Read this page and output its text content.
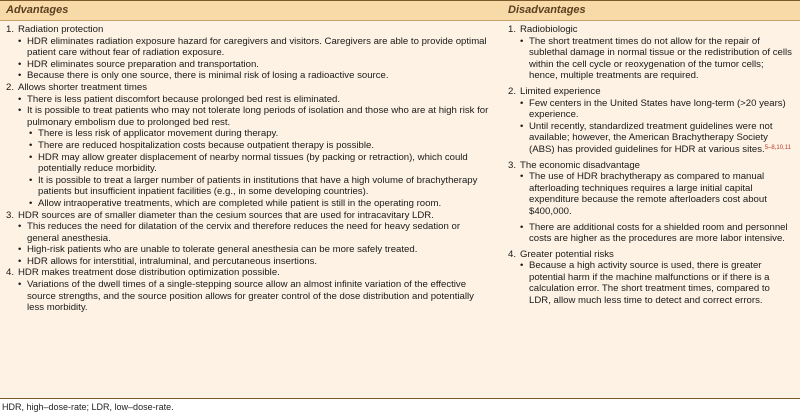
Advantages	Disadvantages
1. Radiation protection
• HDR eliminates radiation exposure hazard for caregivers and visitors. Caregivers are able to provide optimal patient care without fear of radiation exposure.
• HDR eliminates source preparation and transportation.
• Because there is only one source, there is minimal risk of losing a radioactive source.
2. Allows shorter treatment times
• There is less patient discomfort because prolonged bed rest is eliminated.
• It is possible to treat patients who may not tolerate long periods of isolation and those who are at high risk for pulmonary embolism due to prolonged bed rest.
• There is less risk of applicator movement during therapy.
• There are reduced hospitalization costs because outpatient therapy is possible.
• HDR may allow greater displacement of nearby normal tissues (by packing or retraction), which could potentially reduce morbidity.
• It is possible to treat a larger number of patients in institutions that have a high volume of brachytherapy patients but insufficient inpatient facilities (e.g., in some developing countries).
• Allow intraoperative treatments, which are completed while patient is still in the operating room.
3. HDR sources are of smaller diameter than the cesium sources that are used for intracavitary LDR.
• This reduces the need for dilatation of the cervix and therefore reduces the need for heavy sedation or general anesthesia.
• High-risk patients who are unable to tolerate general anesthesia can be more safely treated.
• HDR allows for interstitial, intraluminal, and percutaneous insertions.
4. HDR makes treatment dose distribution optimization possible.
• Variations of the dwell times of a single-stepping source allow an almost infinite variation of the effective source strengths, and the source position allows for greater control of the dose distribution and potentially less morbidity.
1. Radiobiologic
• The short treatment times do not allow for the repair of sublethal damage in normal tissue or the redistribution of cells within the cell cycle or reoxygenation of the tumor cells; hence, multiple treatments are required.
2. Limited experience
• Few centers in the United States have long-term (>20 years) experience.
• Until recently, standardized treatment guidelines were not available; however, the American Brachytherapy Society (ABS) has provided guidelines for HDR at various sites.$^{5-8,10,11}$
3. The economic disadvantage
• The use of HDR brachytherapy as compared to manual afterloading techniques requires a large initial capital expenditure because the remote afterloaders cost about $400,000.
• There are additional costs for a shielded room and personnel costs are higher as the procedures are more labor intensive.
4. Greater potential risks
• Because a high activity source is used, there is greater potential harm if the machine malfunctions or if there is a calculation error. The short treatment times, compared to LDR, allow much less time to detect and correct errors.
HDR, high–dose-rate; LDR, low–dose-rate.
